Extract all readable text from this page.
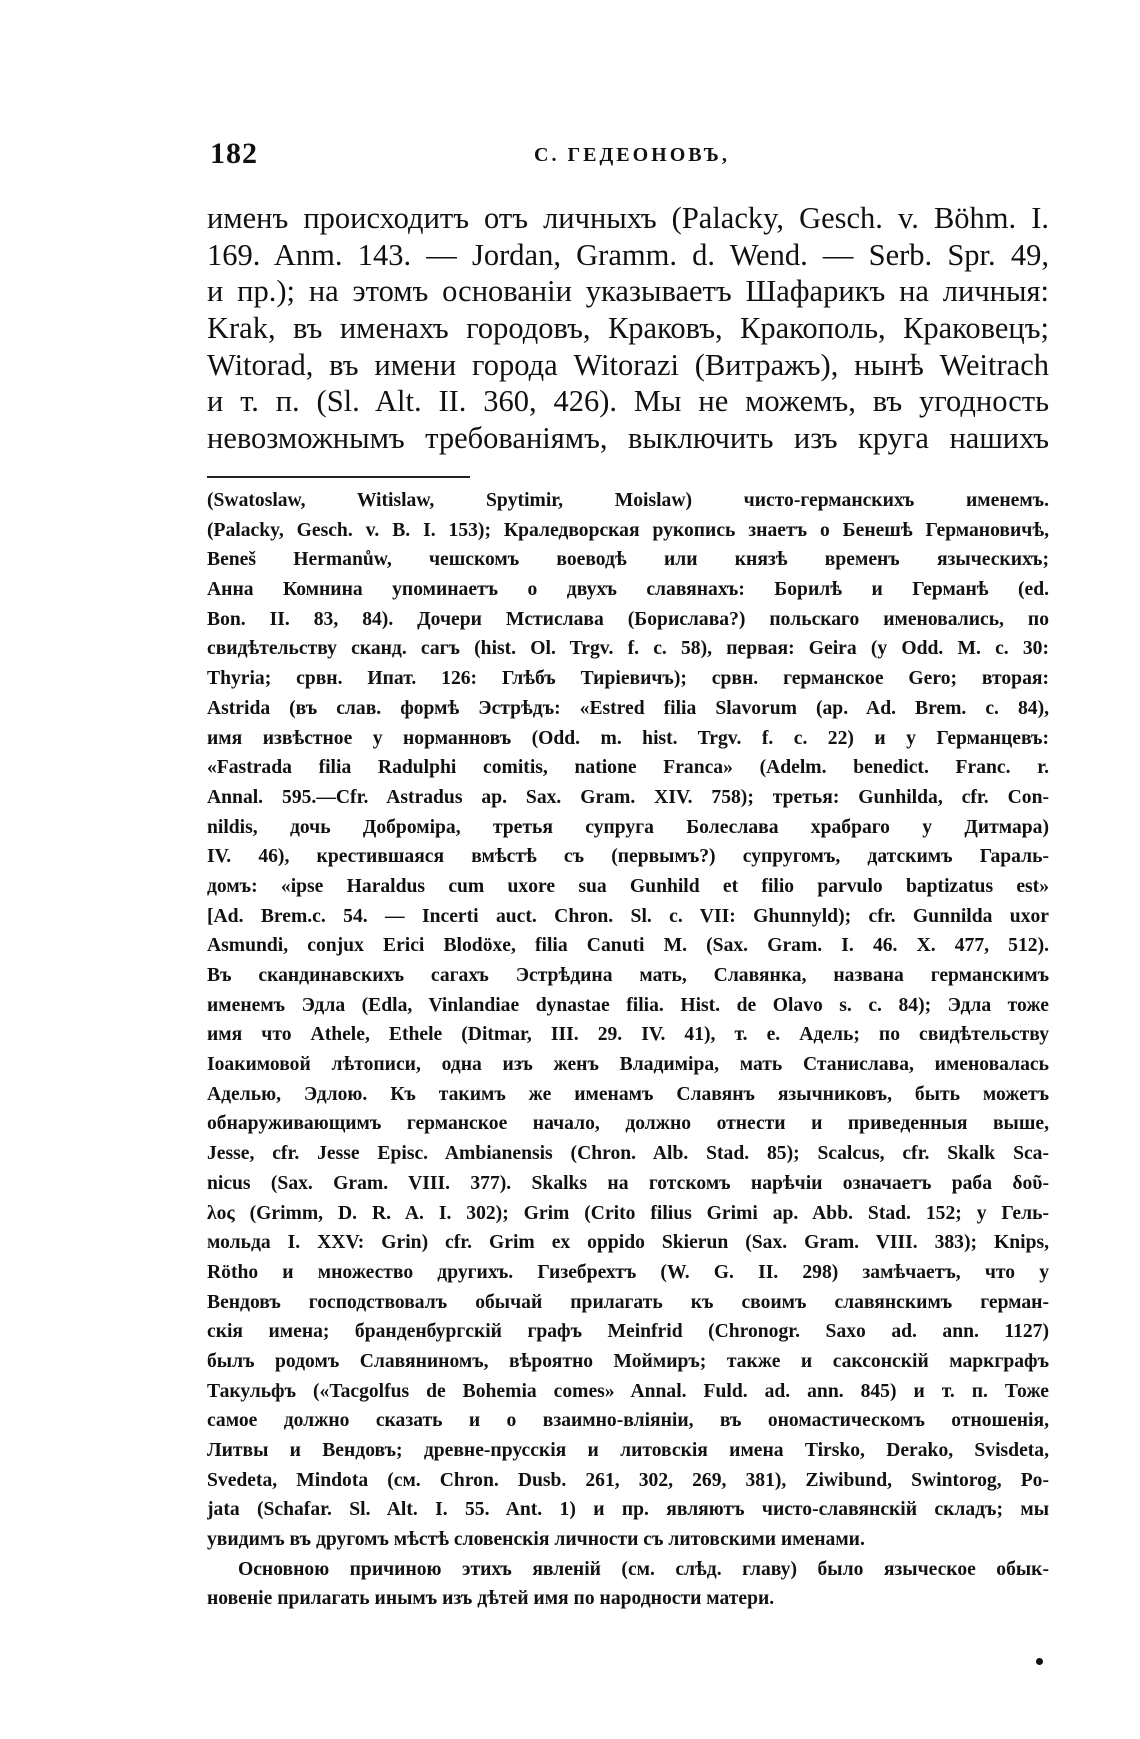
182	С. ГЕДЕОНОВЪ,
именъ происходитъ отъ личныхъ (Palacky, Gesch. v. Böhm. I.
169. Anm. 143. — Jordan, Gramm. d. Wend. — Serb. Spr. 49,
и пр.); на этомъ основаніи указываетъ Шафарикъ на личныя:
Krak, въ именахъ городовъ, Краковъ, Кракополь, Краковецъ;
Witorad, въ имени города Witorazi (Витражъ), нынѣ Weitrach
и т. п. (Sl. Alt. II. 360, 426). Мы не можемъ, въ угодность
невозможнымъ требованіямъ, выключить изъ круга нашихъ
(Swatoslaw, Witislaw, Spytimir, Moislaw) чисто-германскихъ именемъ.
(Palacky, Gesch. v. B. I. 153); Краледворская рукопись знаетъ о Бенешѣ Германовичѣ,
Beneš Hermanůw, чешскомъ воеводѣ или князѣ временъ языческихъ;
Анна Комнина упоминаетъ о двухъ славянахъ: Борилѣ и Германѣ (ed.
Bon. II. 83, 84). Дочери Мстислава (Борислава?) польскаго именовались, по
свидѣтельству сканд. сагъ (hist. Ol. Trgv. f. c. 58), первая: Geira (у Odd. M. c. 30:
Thyria; срвн. Ипат. 126: Глѣбъ Тирiевичъ); срвн. германское Gero; вторая:
Astrida (въ слав. формѣ Эстрѣдъ: «Estred filia Slavorum (ap. Ad. Brem. c. 84),
имя извѣстное у норманновъ (Odd. m. hist. Trgv. f. c. 22) и у Германцевъ:
«Fastrada filia Radulphi comitis, natione Franca» (Adelm. benedict. Franc. r.
Annal. 595.—Cfr. Astradus ap. Sax. Gram. XIV. 758); третья: Gunhilda, cfr. Con-
nildis, дочь Добромiра, третья супруга Болеслава храбраго у Дитмара)
IV. 46), крестившаяся вмѣстѣ съ (первымъ?) супругомъ, датскимъ Гараль-
домъ: «ipse Haraldus cum uxore sua Gunhild et filio parvulo baptizatus est»
[Ad. Brem.c. 54. — Incerti auct. Chron. Sl. c. VII: Ghunnyld); cfr. Gunnilda uxor
Asmundi, conjux Erici Blodöxe, filia Canuti M. (Sax. Gram. I. 46. X. 477, 512).
Въ скандинавскихъ сагахъ Эстрѣдина мать, Славянка, названа германскимъ
именемъ Эдла (Edla, Vinlandiae dynastae filia. Hist. de Olavo s. c. 84); Эдла тоже
имя что Athele, Ethele (Ditmar, III. 29. IV. 41), т. е. Адель; по свидѣтельству
Іоакимовой лѣтописи, одна изъ женъ Владиміра, мать Станислава, именовалась
Аделью, Эдлою. Къ такимъ же именамъ Славянъ язычниковъ, быть можетъ
обнаруживающимъ германское начало, должно отнести и приведенныя выше,
Jesse, cfr. Jesse Episc. Ambianensis (Chron. Alb. Stad. 85); Scalcus, cfr. Skalk Sca-
nicus (Sax. Gram. VIII. 377). Skalks на готскомъ нарѣчіи означаетъ раба δοῦ-
λος (Grimm, D. R. A. I. 302); Grim (Crito filius Grimi ap. Abb. Stad. 152; у Гель-
мольда I. XXV: Grin) cfr. Grim ex oppido Skierun (Sax. Gram. VIII. 383); Knips,
Rötho и множество другихъ. Гизебрехтъ (W. G. II. 298) замѣчаетъ, что у
Вендовъ господствовалъ обычай прилагать къ своимъ славянскимъ герман-
скія имена; бранденбургскій графъ Meinfrid (Chronogr. Saxo ad. ann. 1127)
былъ родомъ Славяниномъ, вѣроятно Моймиръ; также и саксонскій маркграфъ
Такульфъ («Tacgolfus de Bohemia comes» Annal. Fuld. ad. ann. 845) и т. п. Тоже
самое должно сказать и о взаимно-вліяніи, въ ономастическомъ отношенія,
Литвы и Вендовъ; древне-прусскія и литовскія имена Tirsko, Derako, Svisdeta,
Svedeta, Mindota (см. Chron. Dusb. 261, 302, 269, 381), Ziwibund, Swintorog, Po-
jata (Schafar. Sl. Alt. I. 55. Ant. 1) и пр. являютъ чисто-славянскій складъ; мы
увидимъ въ другомъ мѣстѣ словенскія личности съ литовскими именами.
Основною причиною этихъ явленій (см. слѣд. главу) было языческое обык-
новеніе прилагать инымъ изъ дѣтей имя по народности матери.
